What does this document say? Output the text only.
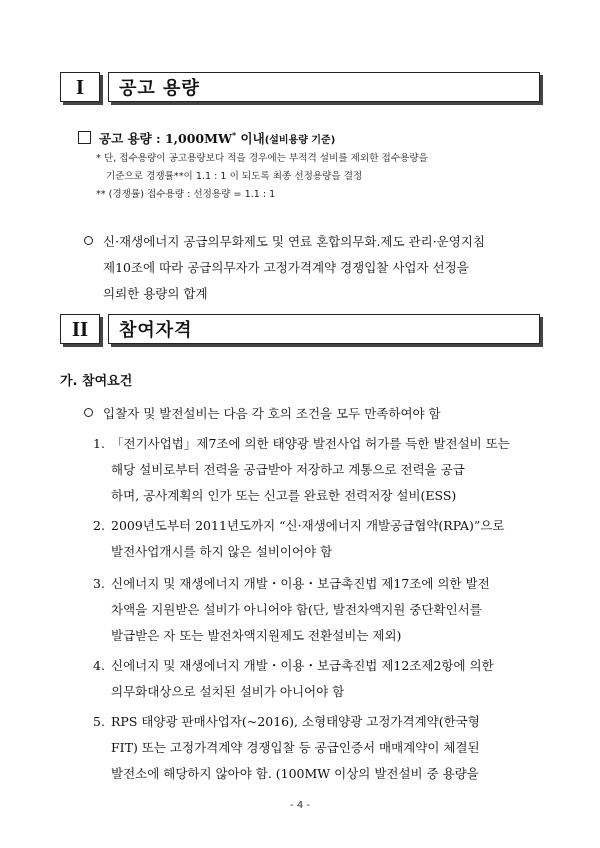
I 공고 용량
공고 용량 : 1,000MW* 이내(설비용량 기준)
* 단, 접수용량이 공고용량보다 적을 경우에는 부적격 설비를 제외한 접수용량을
기준으로 경쟁률**이 1.1 : 1 이 되도록 최종 선정용량을 결정
** (경쟁률) 접수용량 : 선정용량 = 1.1 : 1
신·재생에너지 공급의무화제도 및 연료 혼합의무화.제도 관리·운영지침
제10조에 따라 공급의무자가 고정가격계약 경쟁입찰 사업자 선정을
의뢰한 용량의 합계
II 참여자격
가. 참여요건
입찰자 및 발전설비는 다음 각 호의 조건을 모두 만족하여야 함
1. 「전기사업법」제7조에 의한 태양광 발전사업 허가를 득한 발전설비 또는
해당 설비로부터 전력을 공급받아 저장하고 계통으로 전력을 공급
하며, 공사계획의 인가 또는 신고를 완료한 전력저장 설비(ESS)
2. 2009년도부터 2011년도까지 “신·재생에너지 개발공급협약(RPA)”으로
발전사업개시를 하지 않은 설비이어야 함
3. 신에너지 및 재생에너지 개발・이용・보급촉진법 제17조에 의한 발전
차액을 지원받은 설비가 아니어야 함(단, 발전차액지원 중단확인서를
발급받은 자 또는 발전차액지원제도 전환설비는 제외)
4. 신에너지 및 재생에너지 개발・이용・보급촉진법 제12조제2항에 의한
의무화대상으로 설치된 설비가 아니어야 함
5. RPS 태양광 판매사업자(~2016), 소형태양광 고정가격계약(한국형
FIT) 또는 고정가격계약 경쟁입찰 등 공급인증서 매매계약이 체결된
발전소에 해당하지 않아야 함. (100MW 이상의 발전설비 중 용량을
- 4 -
